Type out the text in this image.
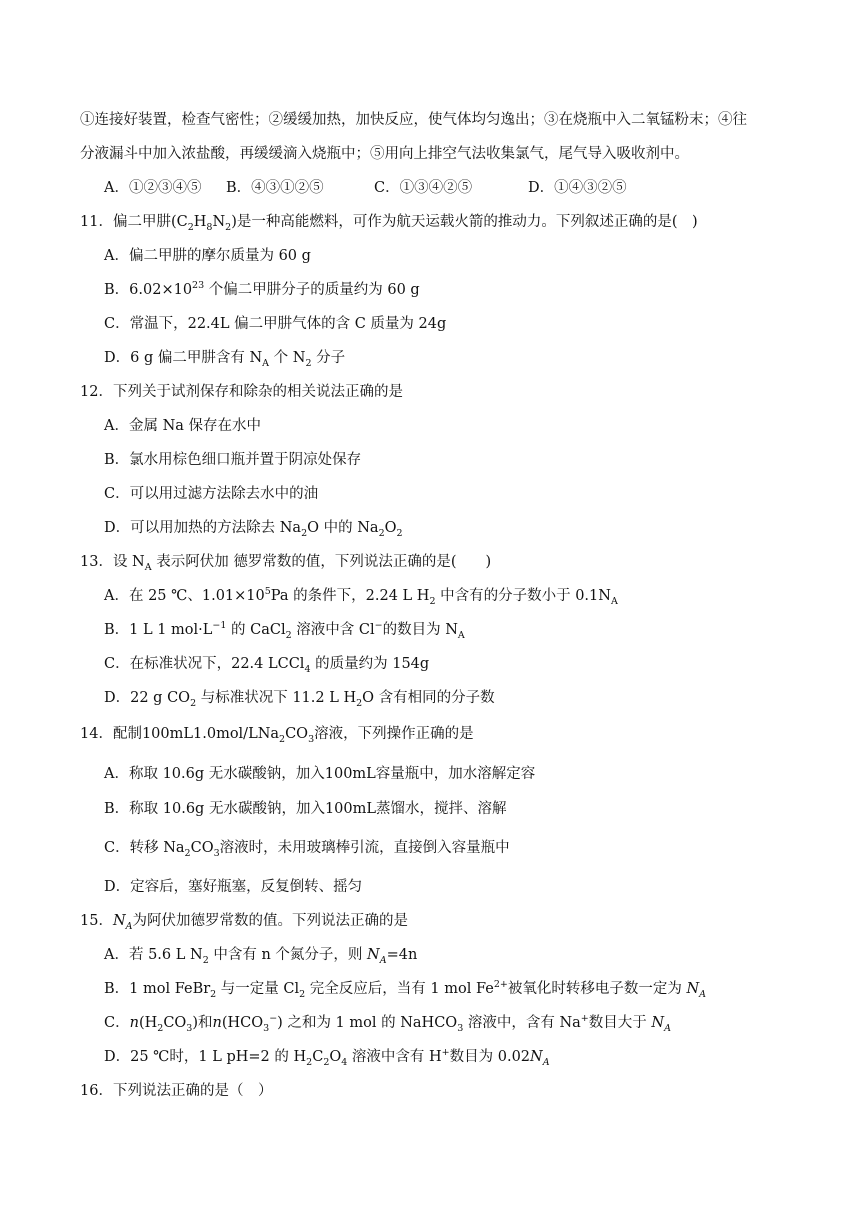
①连接好装置，检查气密性；②缓缓加热，加快反应，使气体均匀逸出；③在烧瓶中入二氧锰粉末；④往
分液漏斗中加入浓盐酸，再缓缓滴入烧瓶中；⑤用向上排空气法收集氯气，尾气导入吸收剂中。
A．①②③④⑤ B．④③①②⑤	C．①③④②⑤	D．①④③②⑤
11．偏二甲肼$(C_2H_8N_2)$是一种高能燃料，可作为航天运载火箭的推动力。下列叙述正确的是(　)
A．偏二甲肼的摩尔质量为 60 g
B．$6.02\times 10^{23}$ 个偏二甲肼分子的质量约为 60 g
C．常温下，22.4L 偏二甲肼气体的含 C 质量为 24g
D．6 g 偏二甲肼含有 $N_A$ 个 $N_2$ 分子
12．下列关于试剂保存和除杂的相关说法正确的是
A．金属 Na 保存在水中
B．氯水用棕色细口瓶并置于阴凉处保存
C．可以用过滤方法除去水中的油
D．可以用加热的方法除去 $Na_2O$ 中的 $Na_2O_2$
13．设 $N_A$ 表示阿伏加 德罗常数的值，下列说法正确的是(　　)
A．在 25 ℃、$1.01\times 10^5Pa$ 的条件下，2.24 L $H_2$ 中含有的分子数小于 $0.1N_A$
B．1 L 1 $mol\cdot L^{-1}$ 的 CaCl$_2$ 溶液中含 Cl−的数目为 $N_A$
C．在标准状况下，22.4 LCCl$_4$ 的质量约为 154g
D．22 g $CO_2$ 与标准状况下 11.2 L $H_2O$ 含有相同的分子数
14．配制$100mL1.0mol/LNa_2CO_3$溶液，下列操作正确的是
A．称取 10.6g 无水碳酸钠，加入100mL容量瓶中，加水溶解定容
B．称取 10.6g 无水碳酸钠，加入100mL蒸馏水，搅拌、溶解
C．转移 $Na_2CO_3$溶液时，未用玻璃棒引流，直接倒入容量瓶中
D．定容后，塞好瓶塞，反复倒转、摇匀
15．$N_A$为阿伏加德罗常数的值。下列说法正确的是
A．若 5.6 L $N_2$ 中含有 n 个氮分子，则 $N_A=4n$
B．1 mol FeBr$_2$ 与一定量 $Cl_2$ 完全反应后，当有 1 mol $Fe^{2+}$被氧化时转移电子数一定为 $N_A$
C．$n(H_2CO_3)$和$n(HCO_3^-)$ 之和为 1 mol 的 NaHCO$_3$ 溶液中，含有 Na+数目大于 $N_A$
D．25 ℃时，1 L pH=2 的 $H_2C_2O_4$ 溶液中含有 H+数目为 $0.02N_A$
16．下列说法正确的是（　）
